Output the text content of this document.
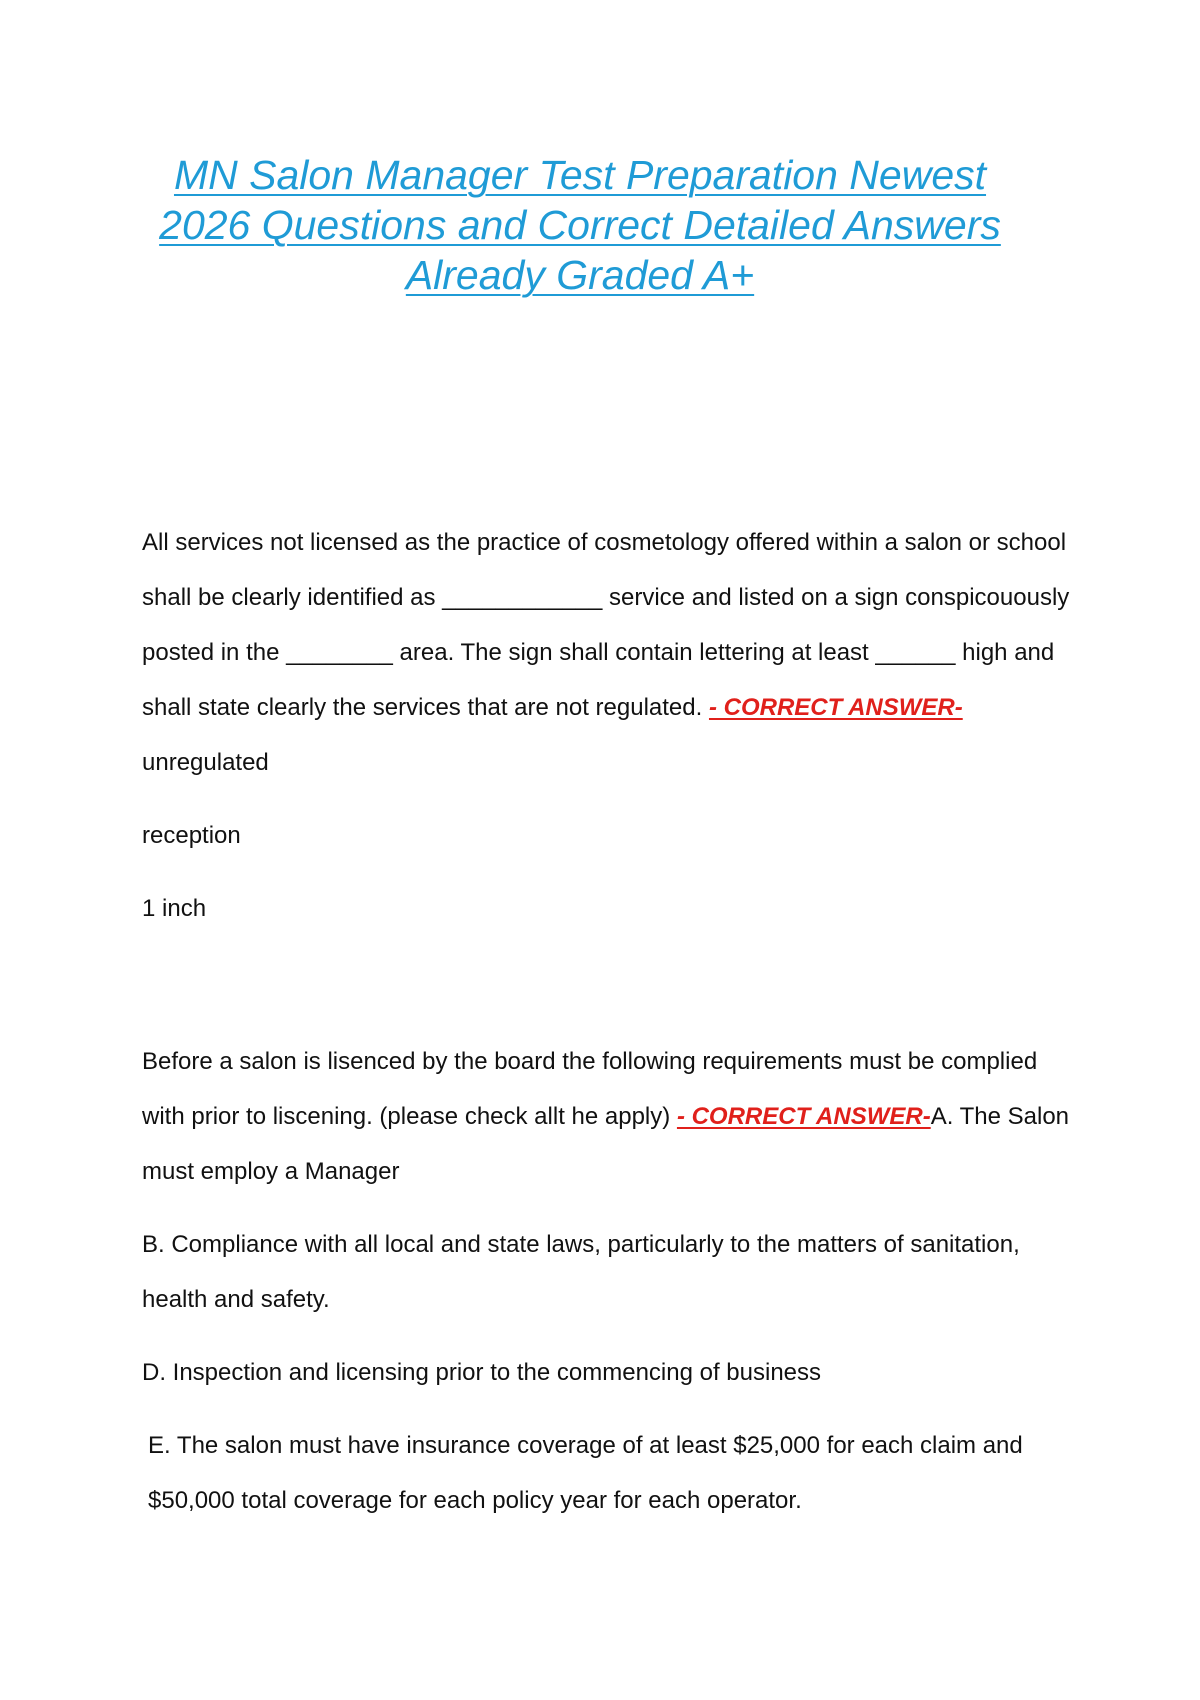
MN Salon Manager Test Preparation Newest
2026 Questions and Correct Detailed Answers
Already Graded A+
All services not licensed as the practice of cosmetology offered within a salon or school shall be clearly identified as ____________ service and listed on a sign conspicouously posted in the ________ area. The sign shall contain lettering at least ______ high and shall state clearly the services that are not regulated. - CORRECT ANSWER-unregulated
reception
1 inch
Before a salon is lisenced by the board the following requirements must be complied with prior to liscening. (please check allt he apply) - CORRECT ANSWER-A. The Salon must employ a Manager
B. Compliance with all local and state laws, particularly to the matters of sanitation, health and safety.
D. Inspection and licensing prior to the commencing of business
E. The salon must have insurance coverage of at least $25,000 for each claim and $50,000 total coverage for each policy year for each operator.
